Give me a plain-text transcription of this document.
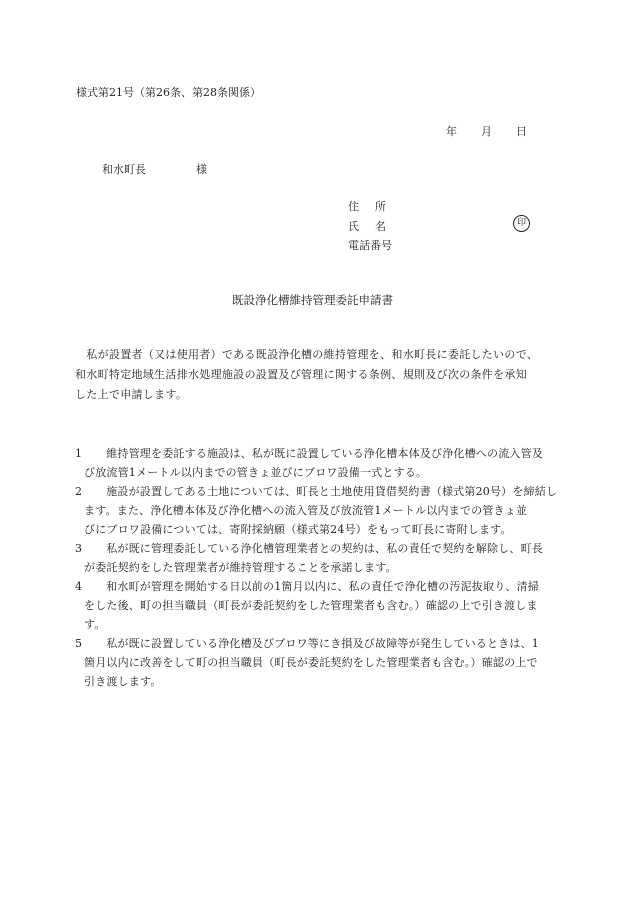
様式第21号（第26条、第28条関係）
年 月 日
和水町長	様
住所
氏名	印
電話番号
既設浄化槽維持管理委託申請書
　私が設置者（又は使用者）である既設浄化槽の維持管理を、和水町長に委託したいので、
和水町特定地域生活排水処理施設の設置及び管理に関する条例、規則及び次の条件を承知
した上で申請します。
1　維持管理を委託する施設は、私が既に設置している浄化槽本体及び浄化槽への流入管及
び放流管1メートル以内までの管きょ並びにブロワ設備一式とする。
2　施設が設置してある土地については、町長と土地使用貸借契約書（様式第20号）を締結し
ます。また、浄化槽本体及び浄化槽への流入管及び放流管1メートル以内までの管きょ並
びにブロワ設備については、寄附採納願（様式第24号）をもって町長に寄附します。
3　私が既に管理委託している浄化槽管理業者との契約は、私の責任で契約を解除し、町長
が委託契約をした管理業者が維持管理することを承諾します。
4　和水町が管理を開始する日以前の1箇月以内に、私の責任で浄化槽の汚泥抜取り、清掃
をした後、町の担当職員（町長が委託契約をした管理業者も含む。）確認の上で引き渡しま
す。
5　私が既に設置している浄化槽及びブロワ等にき損及び故障等が発生しているときは、1
箇月以内に改善をして町の担当職員（町長が委託契約をした管理業者も含む。）確認の上で
引き渡します。
